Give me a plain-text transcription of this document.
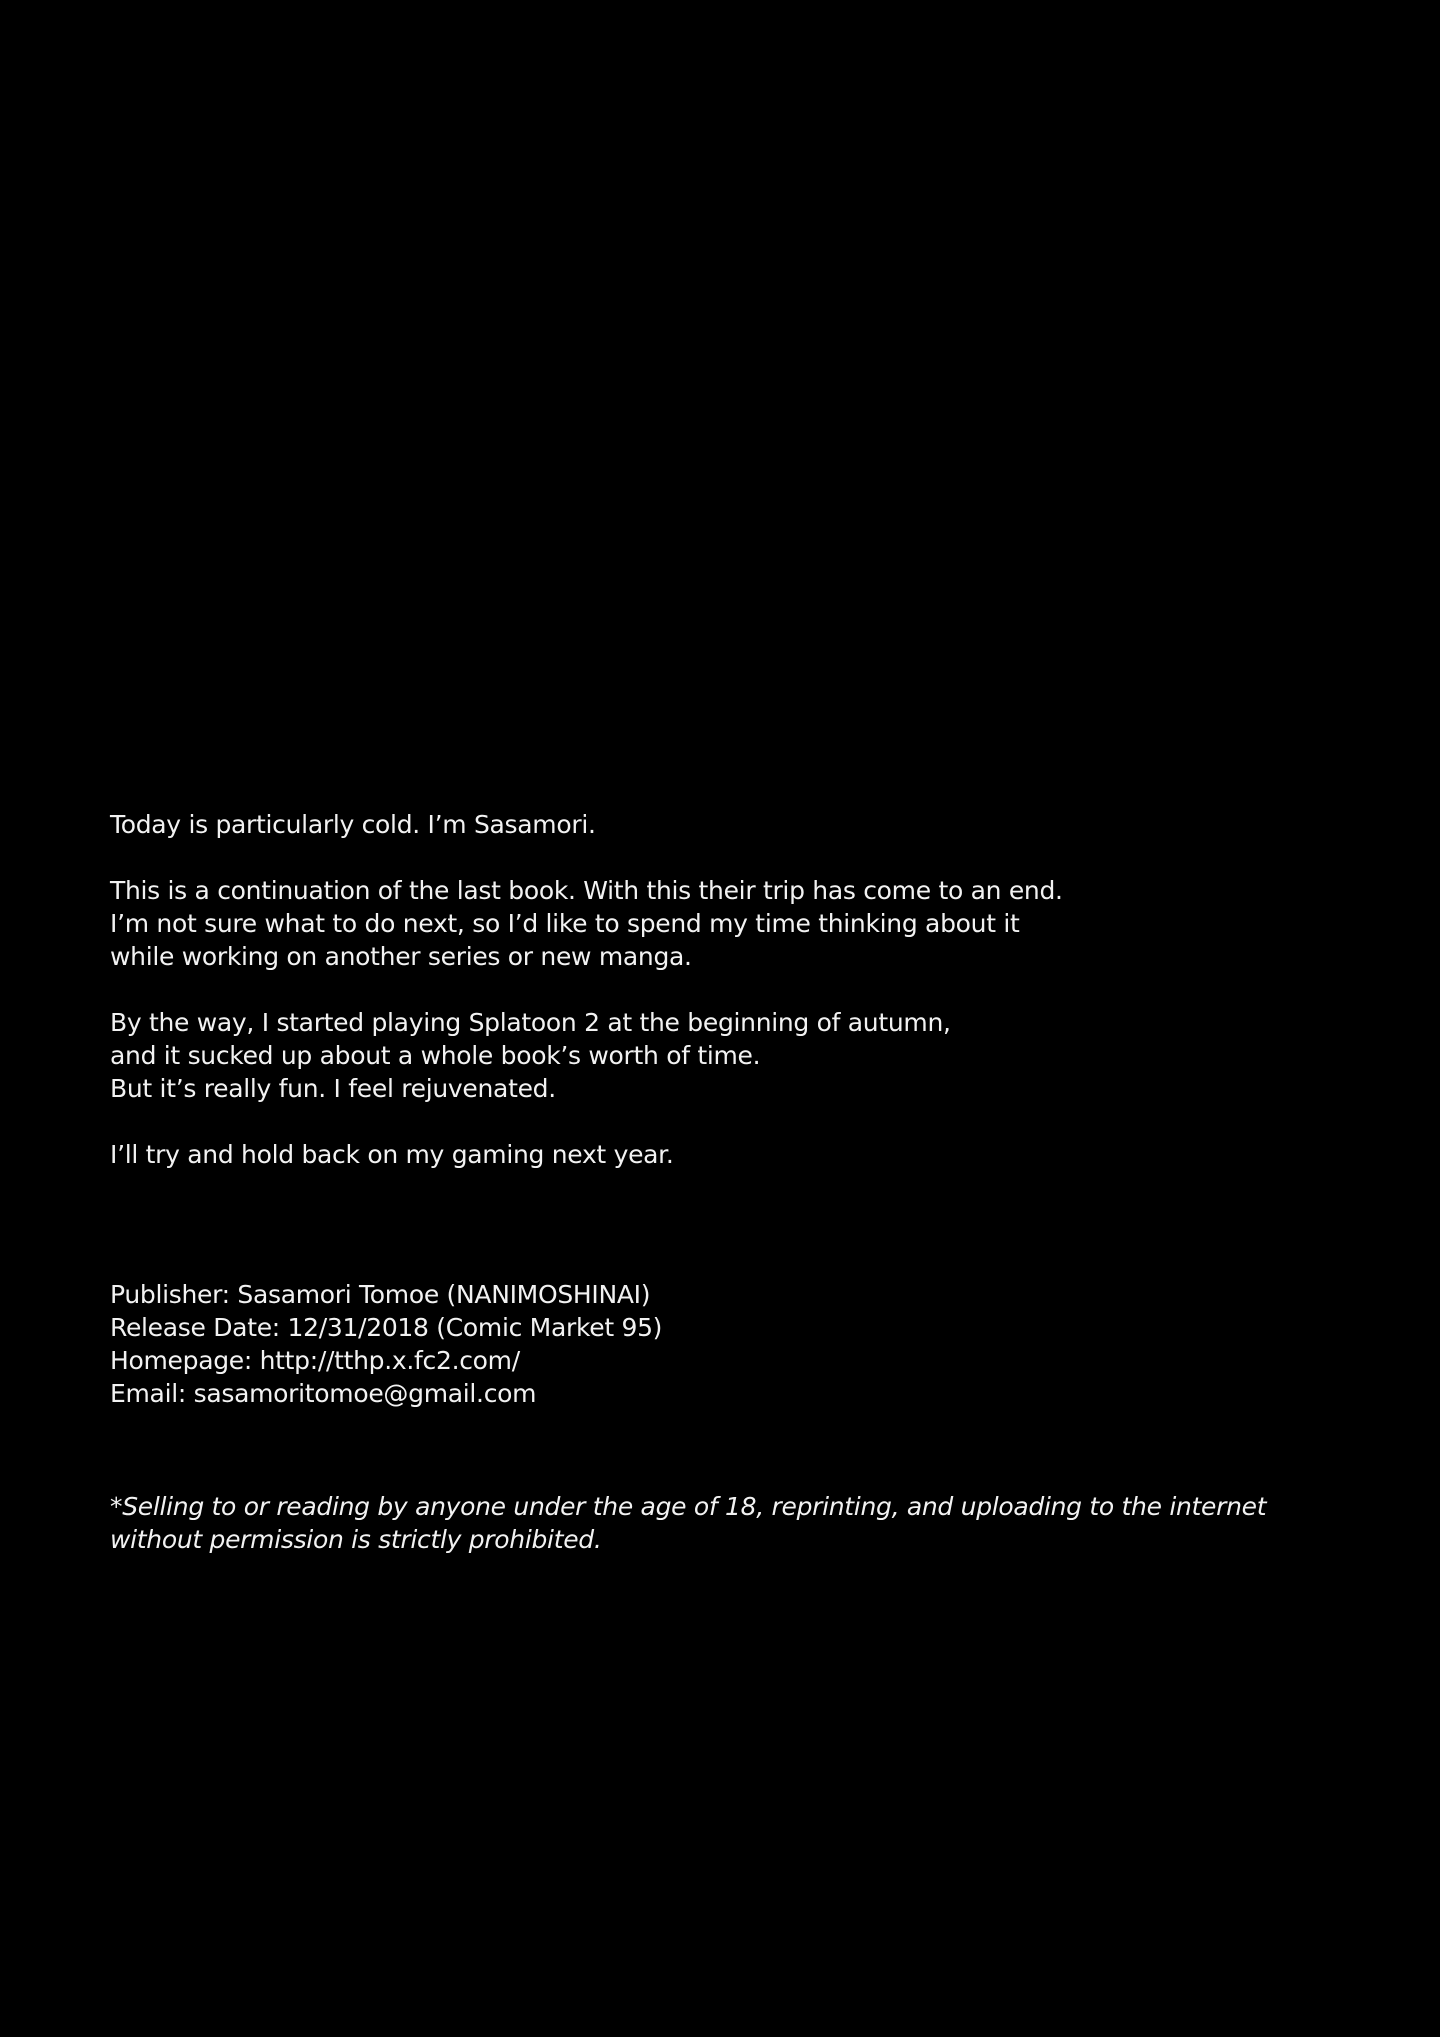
Today is particularly cold. I’m Sasamori.
This is a continuation of the last book. With this their trip has come to an end.
I’m not sure what to do next, so I’d like to spend my time thinking about it
while working on another series or new manga.
By the way, I started playing Splatoon 2 at the beginning of autumn,
and it sucked up about a whole book’s worth of time.
But it’s really fun. I feel rejuvenated.
I’ll try and hold back on my gaming next year.
Publisher: Sasamori Tomoe (NANIMOSHINAI)
Release Date: 12/31/2018 (Comic Market 95)
Homepage: http://tthp.x.fc2.com/
Email: sasamoritomoe@gmail.com
*Selling to or reading by anyone under the age of 18, reprinting, and uploading to the internet
without permission is strictly prohibited.
